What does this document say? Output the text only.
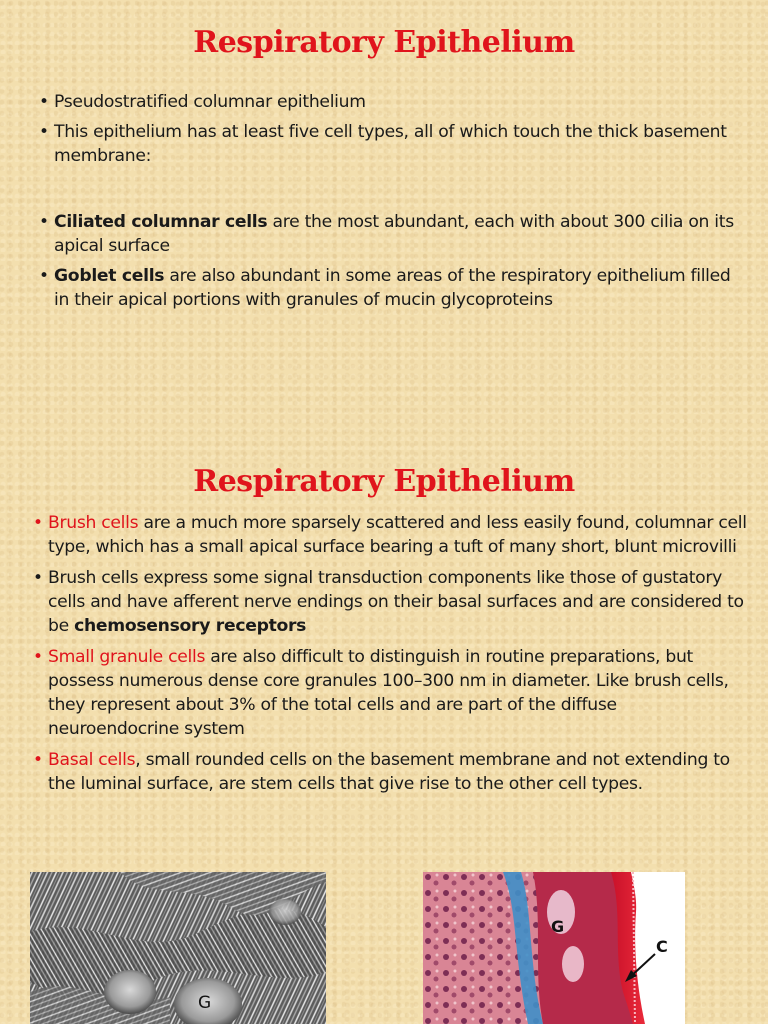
Respiratory Epithelium
• Pseudostratified columnar epithelium
• This epithelium has at least five cell types, all of which touch the thick basement membrane:
• Ciliated columnar cells are the most abundant, each with about 300 cilia on its apical surface
• Goblet cells are also abundant in some areas of the respiratory epithelium filled in their apical portions with granules of mucin glycoproteins
Respiratory Epithelium
• Brush cells are a much more sparsely scattered and less easily found, columnar cell type, which has a small apical surface bearing a tuft of many short, blunt microvilli
• Brush cells express some signal transduction components like those of gustatory cells and have afferent nerve endings on their basal surfaces and are considered to be chemosensory receptors
• Small granule cells are also difficult to distinguish in routine preparations, but possess numerous dense core granules 100–300 nm in diameter. Like brush cells, they represent about 3% of the total cells and are part of the diffuse neuroendocrine system
• Basal cells, small rounded cells on the basement membrane and not extending to the luminal surface, are stem cells that give rise to the other cell types.
G
C
G
